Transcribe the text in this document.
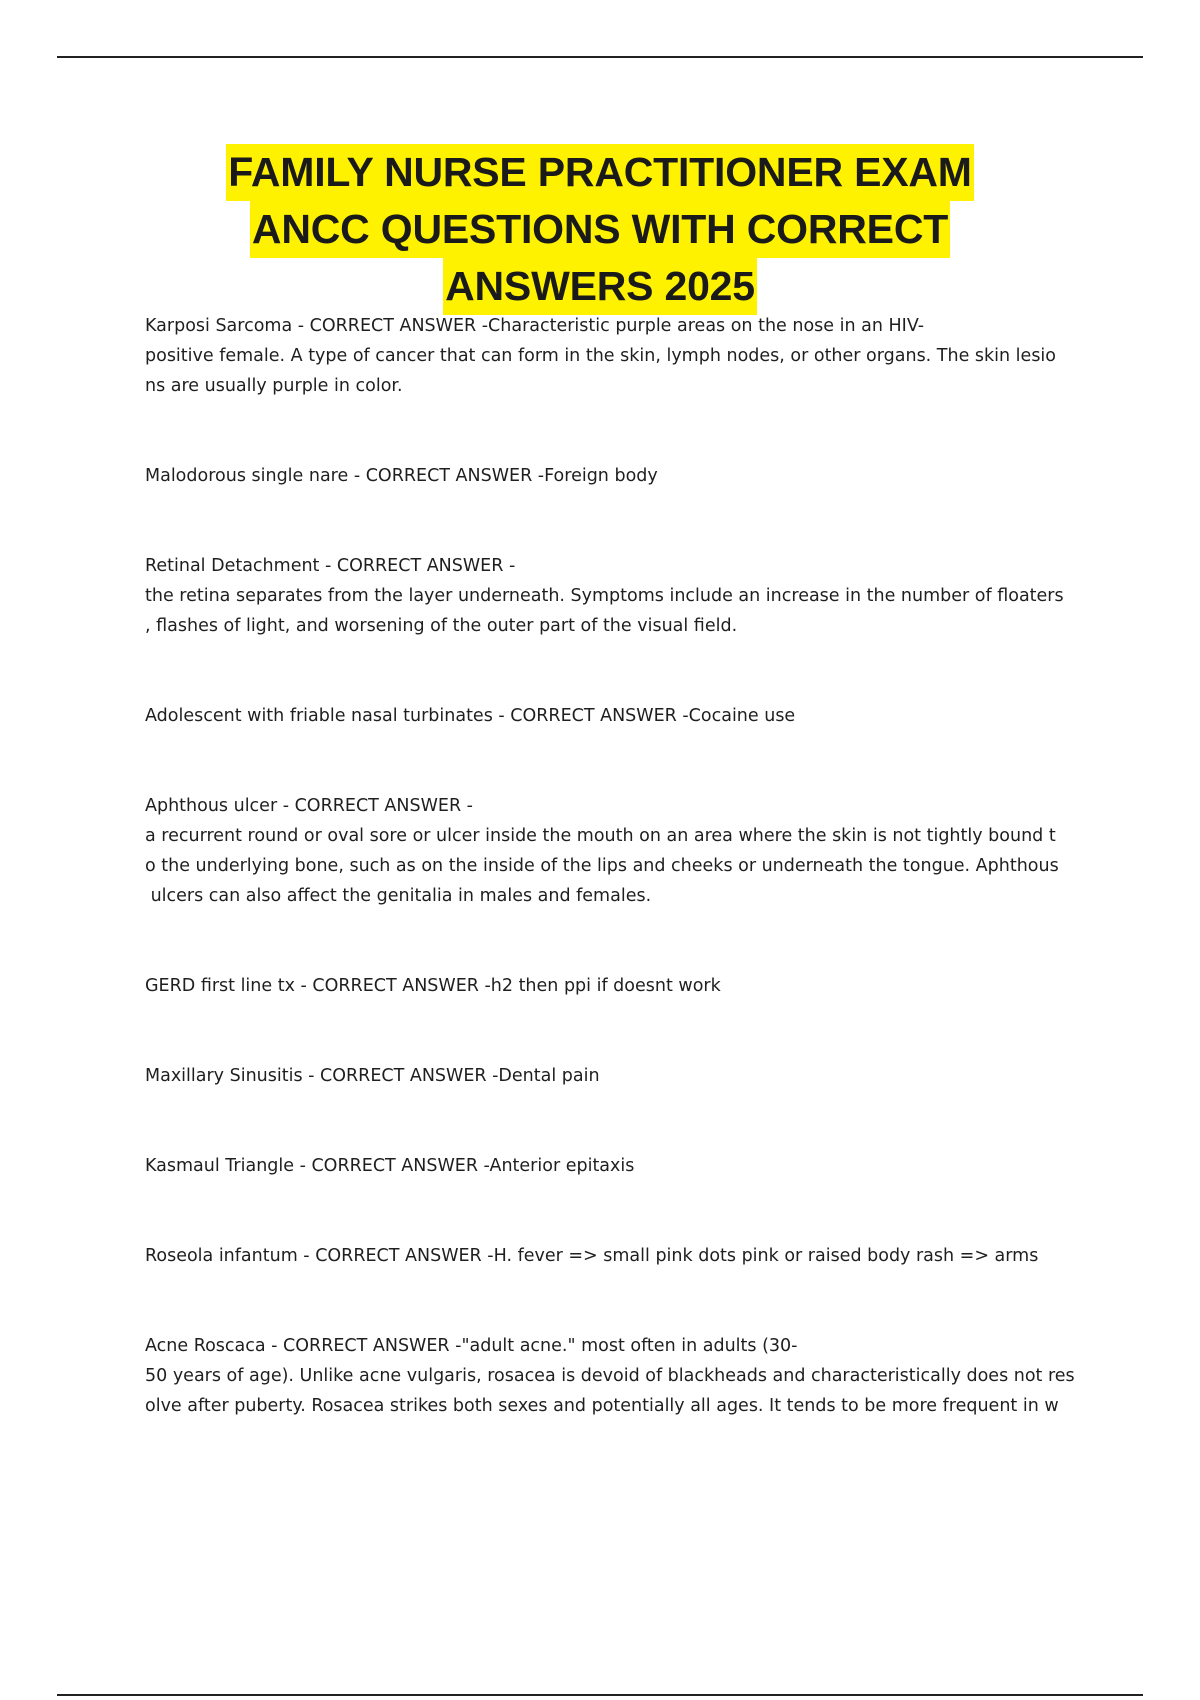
FAMILY NURSE PRACTITIONER EXAM
ANCC QUESTIONS WITH CORRECT
ANSWERS 2025

Karposi Sarcoma - CORRECT ANSWER -Characteristic purple areas on the nose in an HIV-

positive female. A type of cancer that can form in the skin, lymph nodes, or other organs. The skin lesio

ns are usually purple in color.

Malodorous single nare - CORRECT ANSWER -Foreign body

Retinal Detachment - CORRECT ANSWER -

the retina separates from the layer underneath. Symptoms include an increase in the number of floaters

, flashes of light, and worsening of the outer part of the visual field.

Adolescent with friable nasal turbinates - CORRECT ANSWER -Cocaine use

Aphthous ulcer - CORRECT ANSWER -

a recurrent round or oval sore or ulcer inside the mouth on an area where the skin is not tightly bound t

o the underlying bone, such as on the inside of the lips and cheeks or underneath the tongue. Aphthous

ulcers can also affect the genitalia in males and females.

GERD first line tx - CORRECT ANSWER -h2 then ppi if doesnt work

Maxillary Sinusitis - CORRECT ANSWER -Dental pain

Kasmaul Triangle - CORRECT ANSWER -Anterior epitaxis

Roseola infantum - CORRECT ANSWER -H. fever => small pink dots pink or raised body rash => arms

Acne Roscaca - CORRECT ANSWER -"adult acne." most often in adults (30-

50 years of age). Unlike acne vulgaris, rosacea is devoid of blackheads and characteristically does not res

olve after puberty. Rosacea strikes both sexes and potentially all ages. It tends to be more frequent in w
